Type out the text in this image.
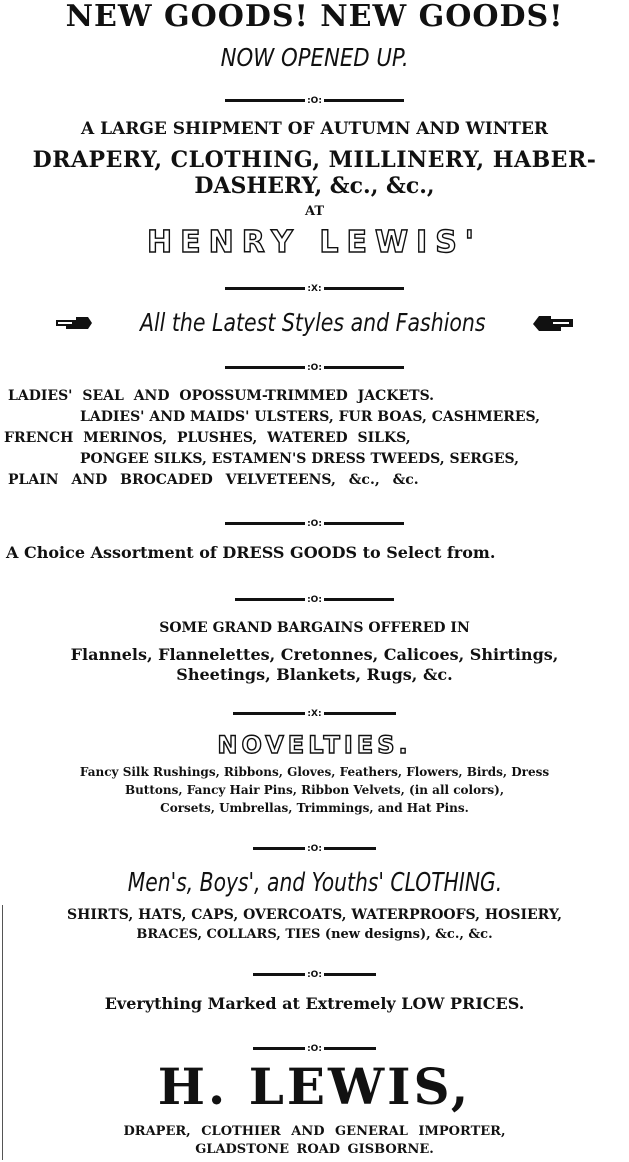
NEW GOODS! NEW GOODS!
NOW OPENED UP.
:O:
A LARGE SHIPMENT OF AUTUMN AND WINTER
DRAPERY, CLOTHING, MILLINERY, HABER-
DASHERY, &c., &c.,
AT
HENRY LEWIS'
:X:
All the Latest Styles and Fashions
:O:
LADIES' SEAL AND OPOSSUM-TRIMMED JACKETS.
LADIES' AND MAIDS' ULSTERS, FUR BOAS, CASHMERES,
FRENCH MERINOS, PLUSHES, WATERED SILKS,
PONGEE SILKS, ESTAMEN'S DRESS TWEEDS, SERGES,
PLAIN AND BROCADED VELVETEENS, &c., &c.
:O:
A Choice Assortment of DRESS GOODS to Select from.
:O:
SOME GRAND BARGAINS OFFERED IN
Flannels, Flannelettes, Cretonnes, Calicoes, Shirtings,
Sheetings, Blankets, Rugs, &c.
:X:
NOVELTIES.
Fancy Silk Rushings, Ribbons, Gloves, Feathers, Flowers, Birds, Dress
Buttons, Fancy Hair Pins, Ribbon Velvets, (in all colors),
Corsets, Umbrellas, Trimmings, and Hat Pins.
:O:
Men's, Boys', and Youths' CLOTHING.
SHIRTS, HATS, CAPS, OVERCOATS, WATERPROOFS, HOSIERY,
BRACES, COLLARS, TIES (new designs), &c., &c.
:O:
Everything Marked at Extremely LOW PRICES.
:O:
H. LEWIS,
DRAPER, CLOTHIER AND GENERAL IMPORTER,
GLADSTONE ROAD GISBORNE.
